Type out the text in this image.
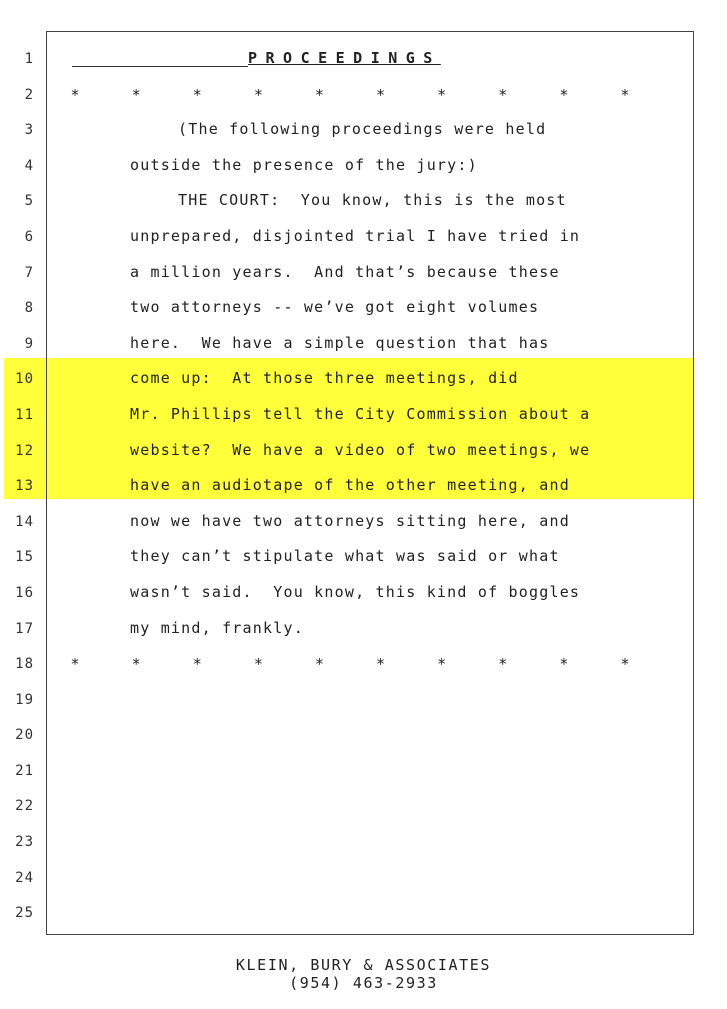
1	PROCEEDINGS
2 *	*	*	*	*	*	*	*	*	*
3	(The following proceedings were held
4	outside the presence of the jury:)
5	THE COURT:  You know, this is the most
6	unprepared, disjointed trial I have tried in
7	a million years.  And that’s because these
8	two attorneys -- we’ve got eight volumes
9	here.  We have a simple question that has
10	come up:  At those three meetings, did
11	Mr. Phillips tell the City Commission about a
12	website?  We have a video of two meetings, we
13	have an audiotape of the other meeting, and
14	now we have two attorneys sitting here, and
15	they can’t stipulate what was said or what
16	wasn’t said.  You know, this kind of boggles
17	my mind, frankly.
18 *	*	*	*	*	*	*	*	*	*
19
20
21
22
23
24
25
KLEIN, BURY & ASSOCIATES
(954) 463-2933
